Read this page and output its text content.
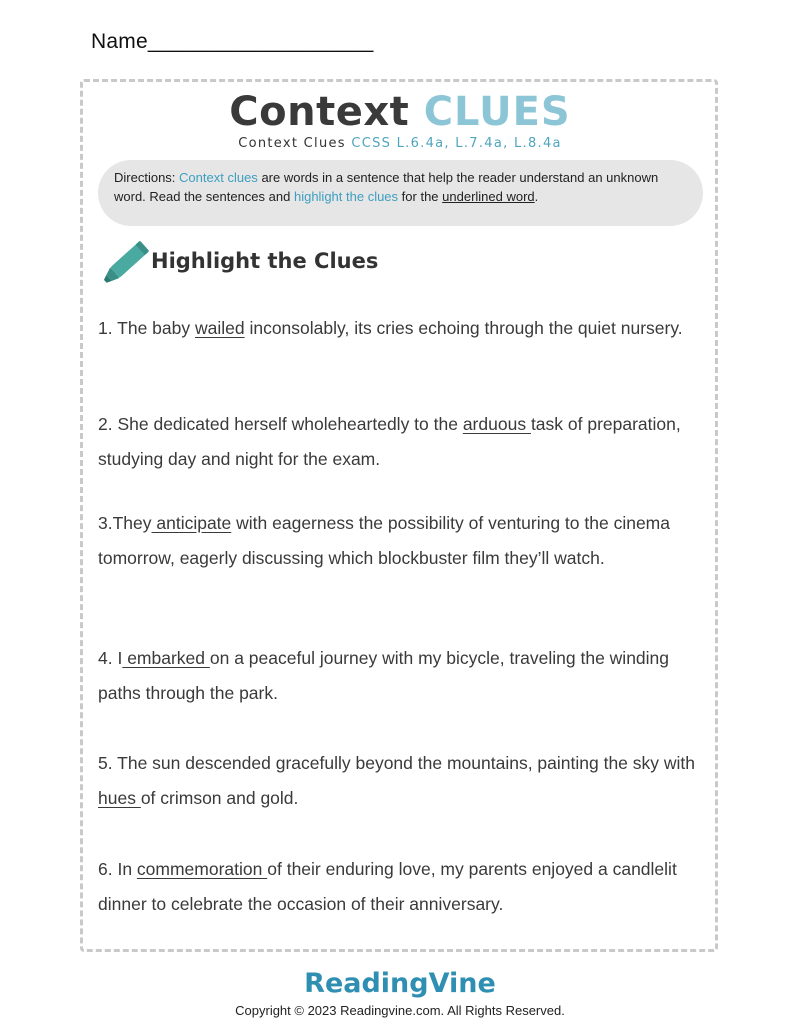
Name___________________
Context CLUES
Context Clues CCSS L.6.4a, L.7.4a, L.8.4a
Directions: Context clues are words in a sentence that help the reader understand an unknown word. Read the sentences and highlight the clues for the underlined word.
Highlight the Clues
1. The baby wailed inconsolably, its cries echoing through the quiet nursery.
2. She dedicated herself wholeheartedly to the arduous task of preparation, studying day and night for the exam.
3.They anticipate with eagerness the possibility of venturing to the cinema tomorrow, eagerly discussing which blockbuster film they’ll watch.
4. I embarked on a peaceful journey with my bicycle, traveling the winding paths through the park.
5. The sun descended gracefully beyond the mountains, painting the sky with hues of crimson and gold.
6. In commemoration of their enduring love, my parents enjoyed a candlelit dinner to celebrate the occasion of their anniversary.
ReadingVine
Copyright © 2023 Readingvine.com. All Rights Reserved.
